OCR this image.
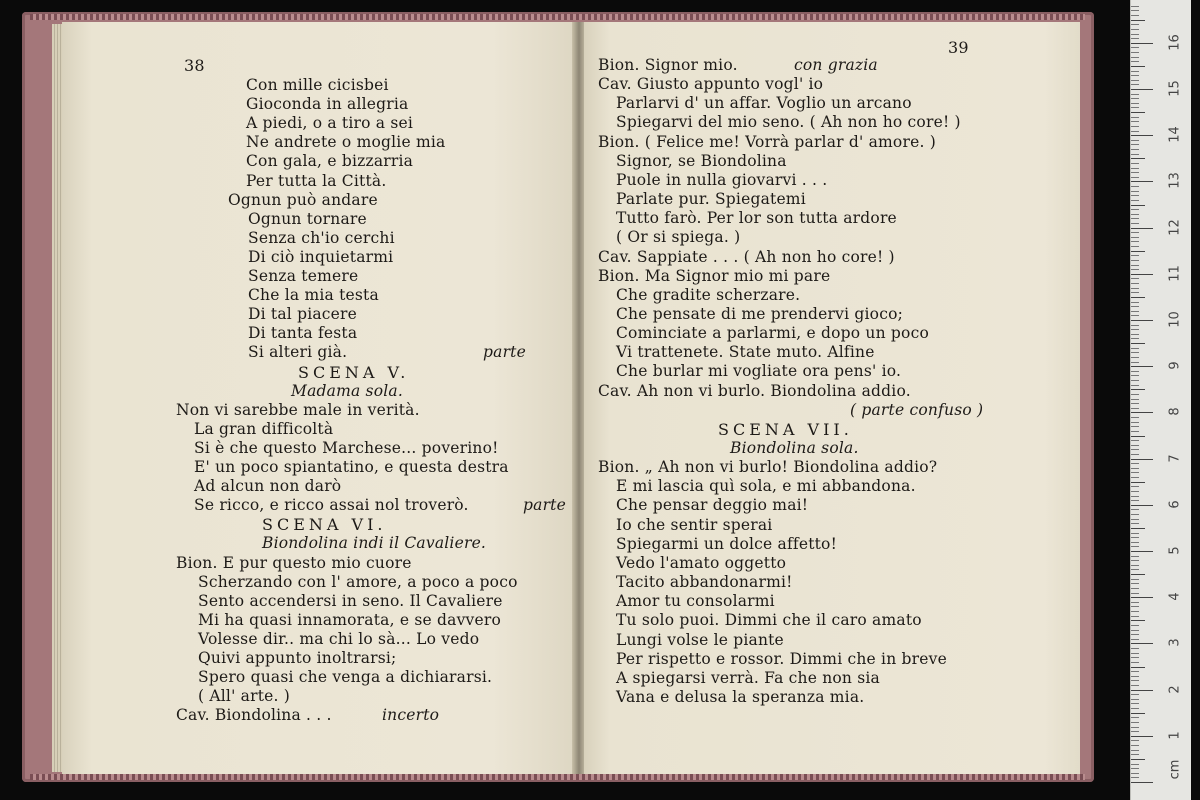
38
Con mille cicisbei
Gioconda in allegria
A piedi, o a tiro a sei
Ne andrete o moglie mia
Con gala, e bizzarria
Per tutta la Città.
Ognun può andare
Ognun tornare
Senza ch'io cerchi
Di ciò inquietarmi
Senza temere
Che la mia testa
Di tal piacere
Di tanta festa
Si alteri già.	parte
SCENA V.
Madama sola.
Non vi sarebbe male in verità.
La gran difficoltà
Si è che questo Marchese... poverino!
E' un poco spiantatino, e questa destra
Ad alcun non darò
Se ricco, e ricco assai nol troverò.	parte
SCENA VI.
Biondolina indi il Cavaliere.
Bion. E pur questo mio cuore
Scherzando con l' amore, a poco a poco
Sento accendersi in seno. Il Cavaliere
Mi ha quasi innamorata, e se davvero
Volesse dir.. ma chi lo sà... Lo vedo
Quivi appunto inoltrarsi;
Spero quasi che venga a dichiararsi.
( All' arte. )
Cav. Biondolina . . .	incerto
39
Bion. Signor mio.	con grazia
Cav. Giusto appunto vogl' io
Parlarvi d' un affar. Voglio un arcano
Spiegarvi del mio seno. ( Ah non ho core! )
Bion. ( Felice me! Vorrà parlar d' amore. )
Signor, se Biondolina
Puole in nulla giovarvi . . .
Parlate pur. Spiegatemi
Tutto farò. Per lor son tutta ardore
( Or si spiega. )
Cav. Sappiate . . . ( Ah non ho core! )
Bion. Ma Signor mio mi pare
Che gradite scherzare.
Che pensate di me prendervi gioco;
Cominciate a parlarmi, e dopo un poco
Vi trattenete. State muto. Alfine
Che burlar mi vogliate ora pens' io.
Cav. Ah non vi burlo. Biondolina addio.
( parte confuso )
SCENA VII.
Biondolina sola.
Bion. „ Ah non vi burlo! Biondolina addio?
E mi lascia quì sola, e mi abbandona.
Che pensar deggio mai!
Io che sentir sperai
Spiegarmi un dolce affetto!
Vedo l'amato oggetto
Tacito abbandonarmi!
Amor tu consolarmi
Tu solo puoi. Dimmi che il caro amato
Lungi volse le piante
Per rispetto e rossor. Dimmi che in breve
A spiegarsi verrà. Fa che non sia
Vana e delusa la speranza mia.
1
2
3
4
5
6
7
8
9
10
11
12
13
14
15
16
cm
